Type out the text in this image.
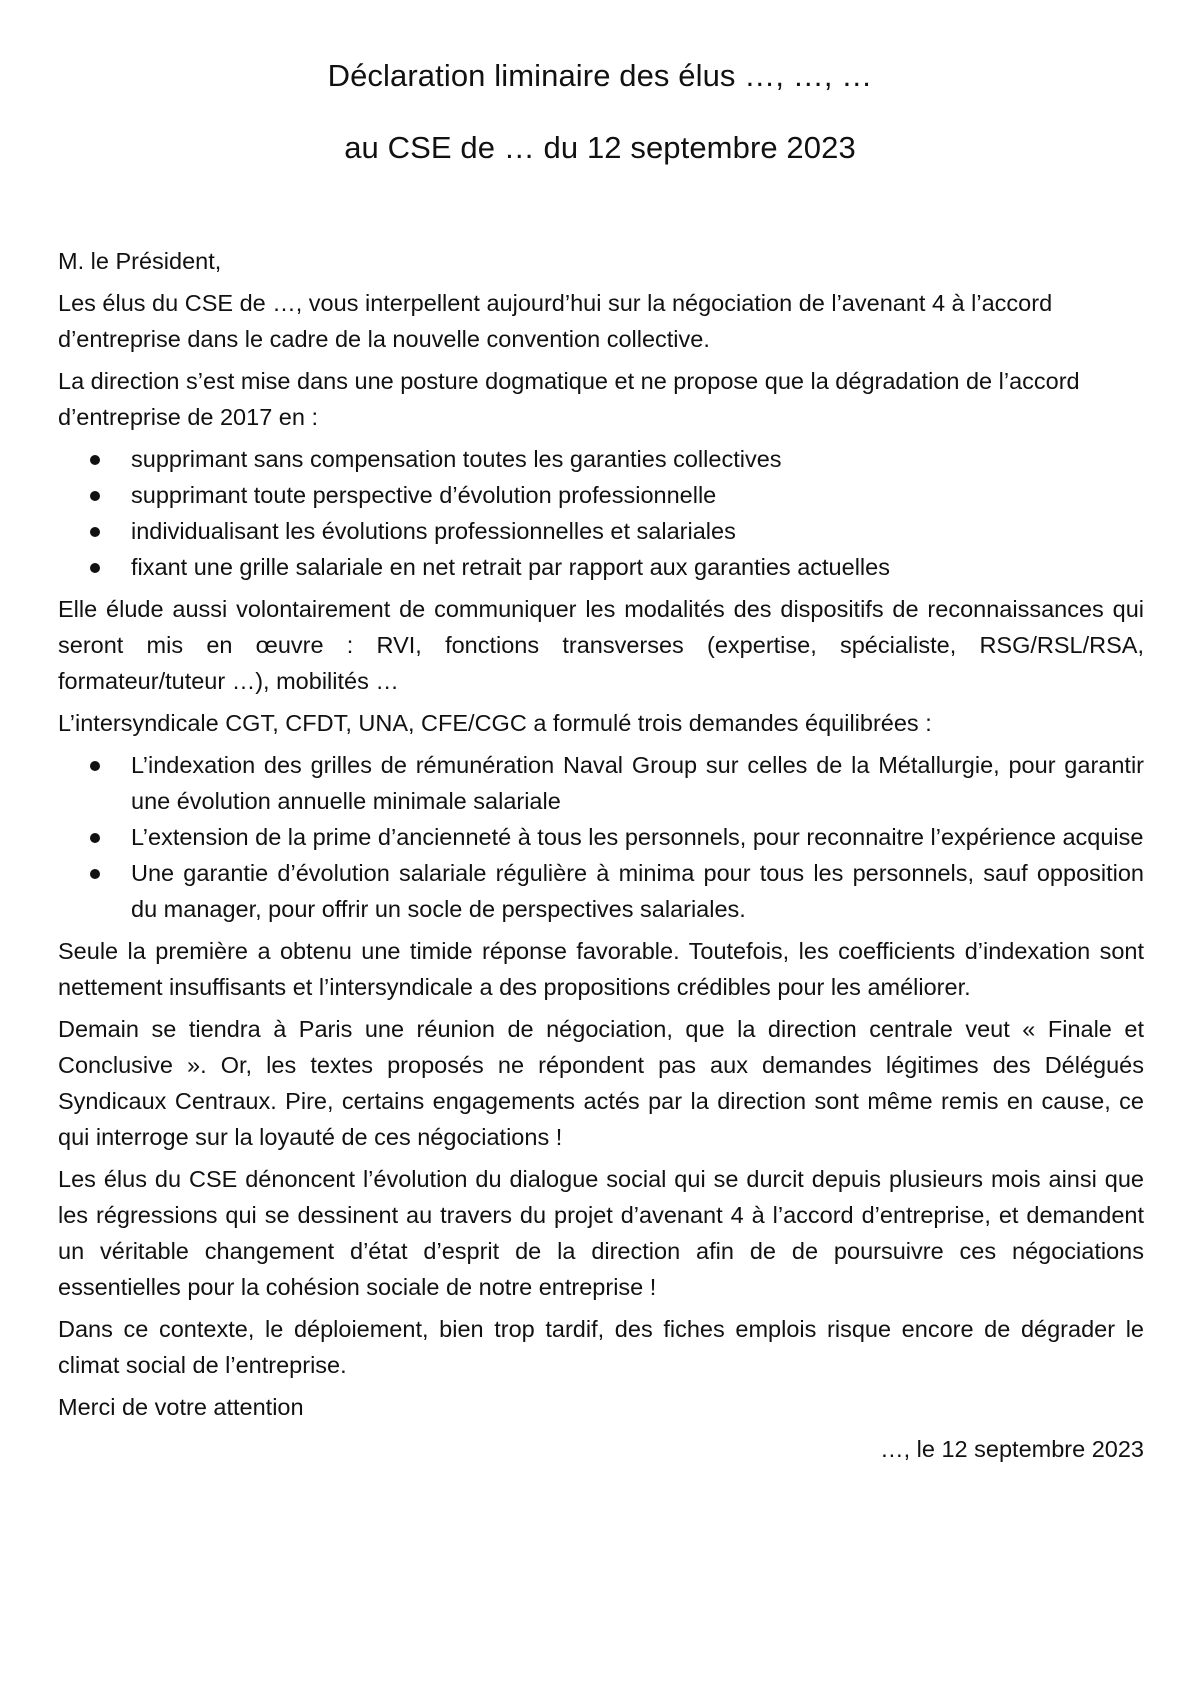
Déclaration liminaire des élus …, …, …
au CSE de … du 12 septembre 2023

M. le Président,

Les élus du CSE de …, vous interpellent aujourd’hui sur la négociation de l’avenant 4 à l’accord d’entreprise dans le cadre de la nouvelle convention collective.

La direction s’est mise dans une posture dogmatique et ne propose que la dégradation de l’accord d’entreprise de 2017 en :

supprimant sans compensation toutes les garanties collectives
supprimant toute perspective d’évolution professionnelle
individualisant les évolutions professionnelles et salariales
fixant une grille salariale en net retrait par rapport aux garanties actuelles

Elle élude aussi volontairement de communiquer les modalités des dispositifs de reconnaissances qui seront mis en œuvre : RVI, fonctions transverses (expertise, spécialiste, RSG/RSL/RSA, formateur/tuteur …), mobilités …

L’intersyndicale CGT, CFDT, UNA, CFE/CGC a formulé trois demandes équilibrées :

L’indexation des grilles de rémunération Naval Group sur celles de la Métallurgie, pour garantir une évolution annuelle minimale salariale
L’extension de la prime d’ancienneté à tous les personnels, pour reconnaitre l’expérience acquise
Une garantie d’évolution salariale régulière à minima pour tous les personnels, sauf opposition du manager, pour offrir un socle de perspectives salariales.

Seule la première a obtenu une timide réponse favorable. Toutefois, les coefficients d’indexation sont nettement insuffisants et l’intersyndicale a des propositions crédibles pour les améliorer.

Demain se tiendra à Paris une réunion de négociation, que la direction centrale veut « Finale et Conclusive ». Or, les textes proposés ne répondent pas aux demandes légitimes des Délégués Syndicaux Centraux. Pire, certains engagements actés par la direction sont même remis en cause, ce qui interroge sur la loyauté de ces négociations !

Les élus du CSE dénoncent l’évolution du dialogue social qui se durcit depuis plusieurs mois ainsi que les régressions qui se dessinent au travers du projet d’avenant 4 à l’accord d’entreprise, et demandent un véritable changement d’état d’esprit de la direction afin de de poursuivre ces négociations essentielles pour la cohésion sociale de notre entreprise !

Dans ce contexte, le déploiement, bien trop tardif, des fiches emplois risque encore de dégrader le climat social de l’entreprise.

Merci de votre attention

…, le 12 septembre 2023
